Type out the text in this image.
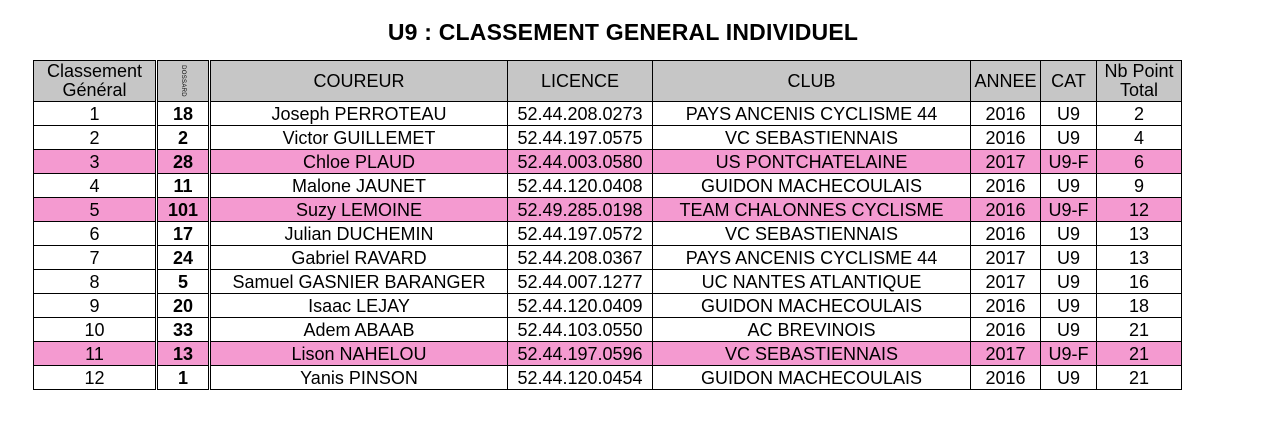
U9 : CLASSEMENT GENERAL INDIVIDUEL
Classement
Général	DOSSARD	COUREUR	LICENCE	CLUB	ANNEE	CAT	Nb Point
Total
1	18	Joseph PERROTEAU	52.44.208.0273	PAYS ANCENIS CYCLISME 44	2016	U9	2
2	2	Victor GUILLEMET	52.44.197.0575	VC SEBASTIENNAIS	2016	U9	4
3	28	Chloe PLAUD	52.44.003.0580	US PONTCHATELAINE	2017	U9-F	6
4	11	Malone JAUNET	52.44.120.0408	GUIDON MACHECOULAIS	2016	U9	9
5	101	Suzy LEMOINE	52.49.285.0198	TEAM CHALONNES CYCLISME	2016	U9-F	12
6	17	Julian DUCHEMIN	52.44.197.0572	VC SEBASTIENNAIS	2016	U9	13
7	24	Gabriel RAVARD	52.44.208.0367	PAYS ANCENIS CYCLISME 44	2017	U9	13
8	5	Samuel GASNIER BARANGER	52.44.007.1277	UC NANTES ATLANTIQUE	2017	U9	16
9	20	Isaac LEJAY	52.44.120.0409	GUIDON MACHECOULAIS	2016	U9	18
10	33	Adem ABAAB	52.44.103.0550	AC BREVINOIS	2016	U9	21
11	13	Lison NAHELOU	52.44.197.0596	VC SEBASTIENNAIS	2017	U9-F	21
12	1	Yanis PINSON	52.44.120.0454	GUIDON MACHECOULAIS	2016	U9	21
